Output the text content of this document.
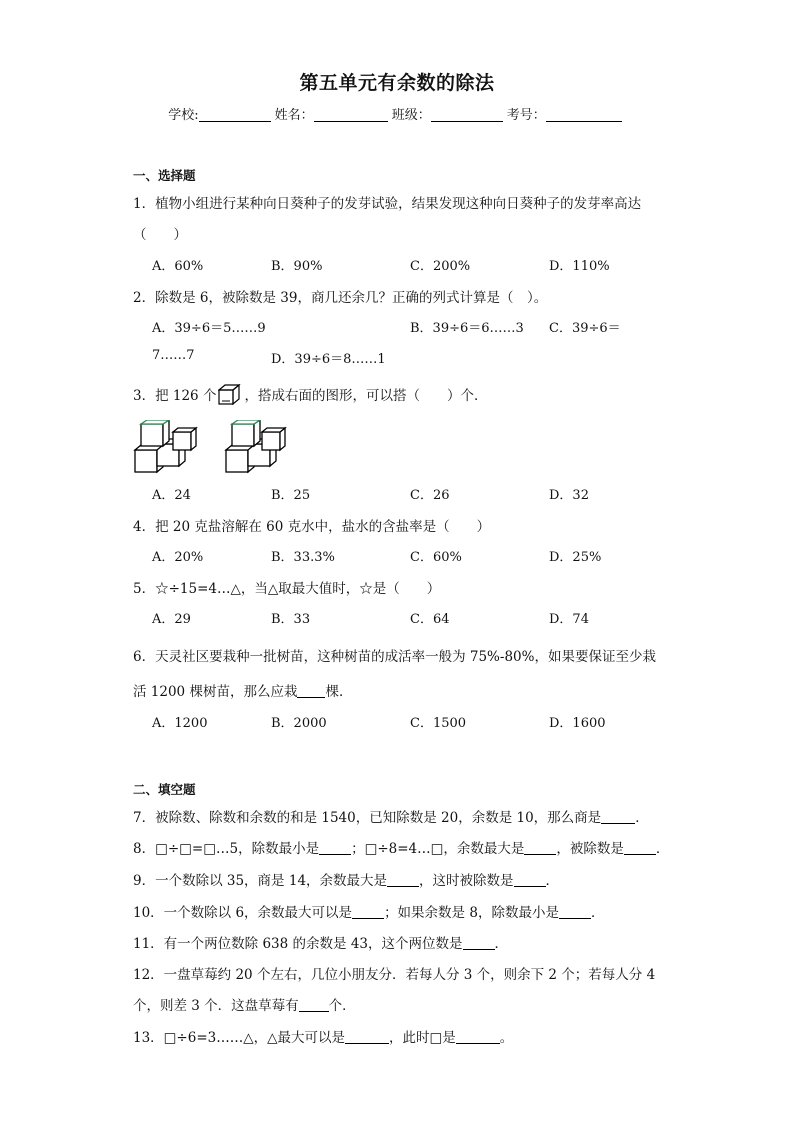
第五单元有余数的除法
学校:	姓名：	班级：	考号：
一、选择题
1．植物小组进行某种向日葵种子的发芽试验，结果发现这种向日葵种子的发芽率高达
（　　）
A．60%	B．90%	C．200%	D．110%
2．除数是 6，被除数是 39，商几还余几？正确的列式计算是（　）。
A．39÷6＝5……9	B．39÷6＝6……3 C．39÷6＝
7……7	D．39÷6＝8……1
3．把 126 个 ，搭成右面的图形，可以搭（　　）个．
A．24	B．25	C．26	D．32
4．把 20 克盐溶解在 60 克水中，盐水的含盐率是（　　）
A．20%	B．33.3%	C．60%	D．25%
5．☆÷15=4…△，当△取最大值时，☆是（　　）
A．29	B．33	C．64	D．74
6．天灵社区要栽种一批树苗，这种树苗的成活率一般为 75%-80%，如果要保证至少栽
活 1200 棵树苗，那么应栽 棵．
A．1200	B．2000	C．1500	D．1600
二、填空题
7．被除数、除数和余数的和是 1540，已知除数是 20，余数是 10，那么商是	．
8．□÷□=□…5，除数最小是 ；□÷8=4…□，余数最大是 ，被除数是 ．
9．一个数除以 35，商是 14，余数最大是 ，这时被除数是 ．
10．一个数除以 6，余数最大可以是 ；如果余数是 8，除数最小是 ．
11．有一个两位数除 638 的余数是 43，这个两位数是 ．
12．一盘草莓约 20 个左右，几位小朋友分．若每人分 3 个，则余下 2 个；若每人分 4
个，则差 3 个．这盘草莓有 个．
13．□÷6=3……△，△最大可以是	，此时□是	。
